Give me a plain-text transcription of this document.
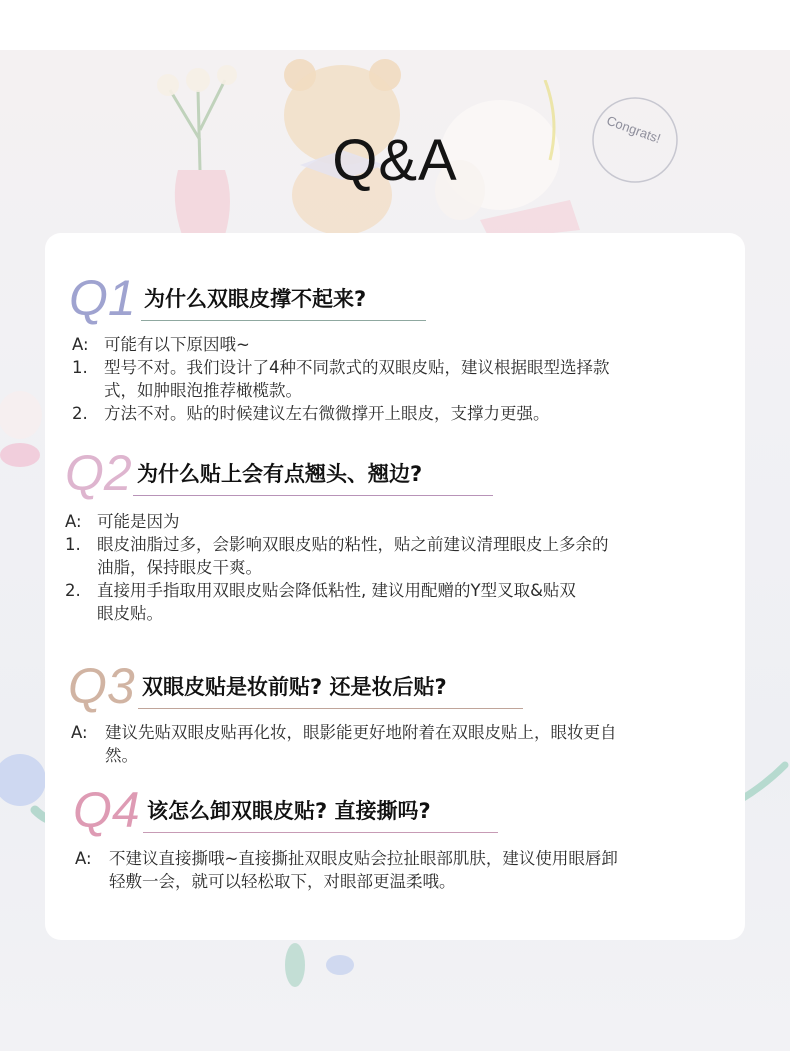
Congrats!
Q&A
Q1 为什么双眼皮撑不起来?
A: 可能有以下原因哦~
1. 型号不对。我们设计了4种不同款式的双眼皮贴，建议根据眼型选择款

式，如肿眼泡推荐橄榄款。

2. 方法不对。贴的时候建议左右微微撑开上眼皮，支撑力更强。

Q2 为什么贴上会有点翘头、翘边?
A: 可能是因为
1. 眼皮油脂过多，会影响双眼皮贴的粘性，贴之前建议清理眼皮上多余的

油脂，保持眼皮干爽。

2. 直接用手指取用双眼皮贴会降低粘性, 建议用配赠的Y型叉取&贴双

眼皮贴。

Q3 双眼皮贴是妆前贴? 还是妆后贴?
A:	建议先贴双眼皮贴再化妆，眼影能更好地附着在双眼皮贴上，眼妆更自

然。

Q4 该怎么卸双眼皮贴? 直接撕吗?
A:	不建议直接撕哦~直接撕扯双眼皮贴会拉扯眼部肌肤，建议使用眼唇卸

轻敷一会，就可以轻松取下，对眼部更温柔哦。
